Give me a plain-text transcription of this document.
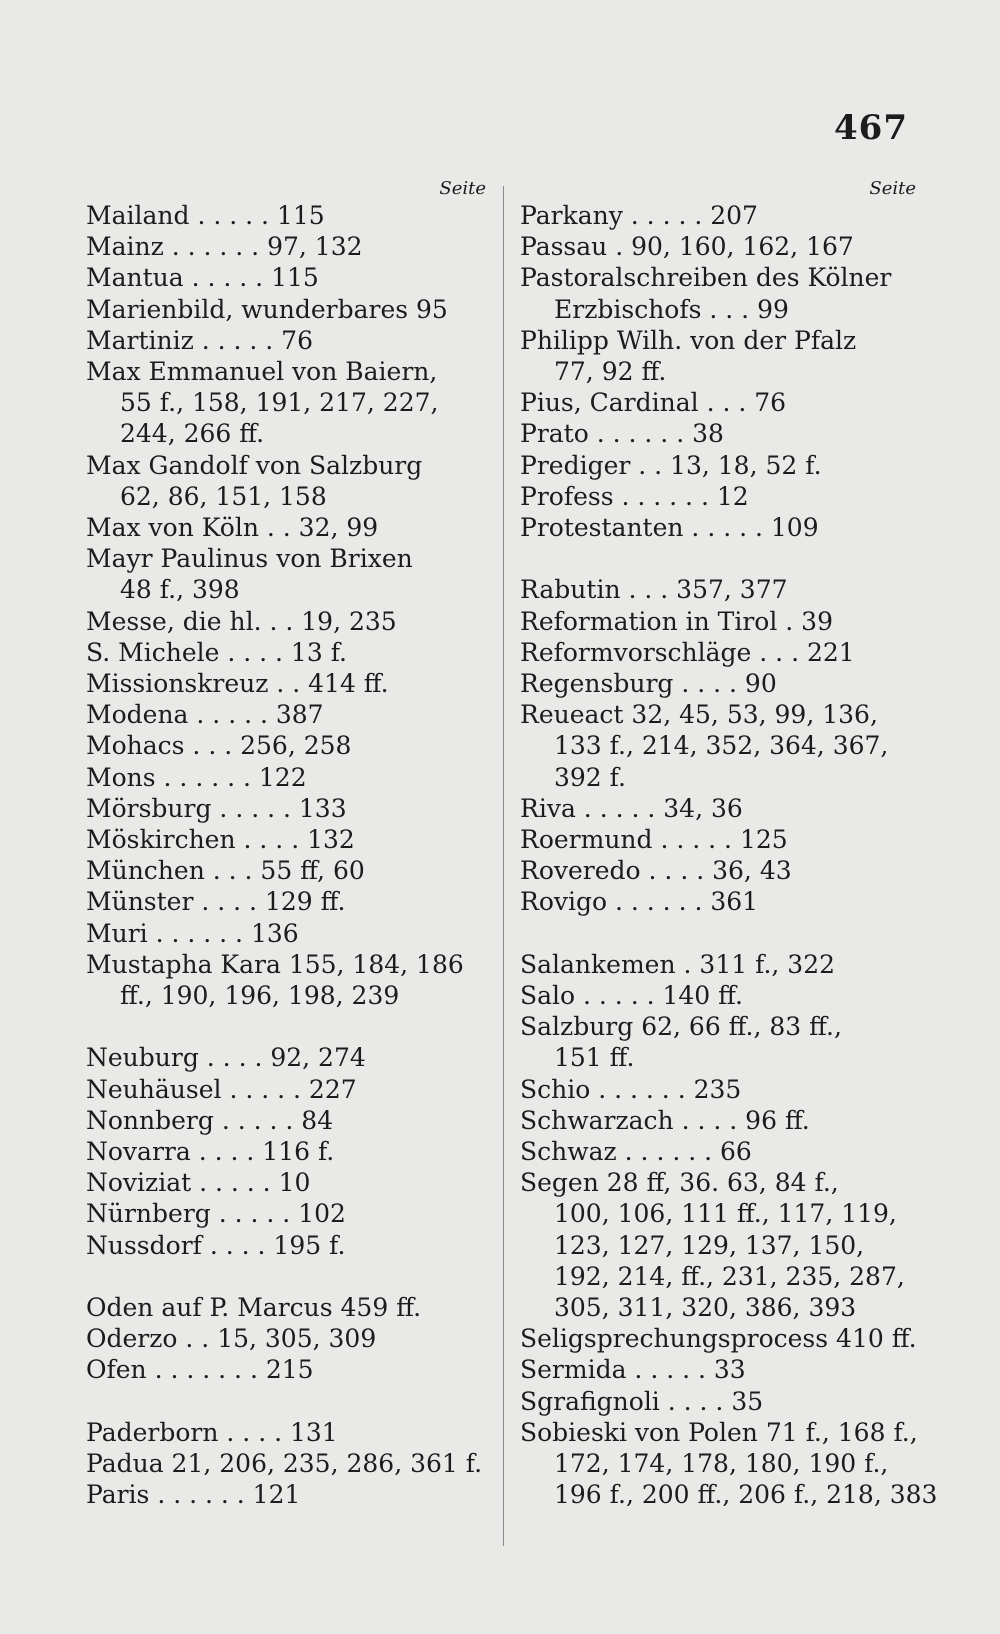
467
Seite
Mailand . . . . . 115
Mainz . . . . . . 97, 132
Mantua . . . . . 115
Marienbild, wunderbares 95
Martiniz . . . . . 76
Max Emmanuel von Baiern,
55 f., 158, 191, 217, 227,
244, 266 ff.
Max Gandolf von Salzburg
62, 86, 151, 158
Max von Köln . . 32, 99
Mayr Paulinus von Brixen
48 f., 398
Messe, die hl. . . 19, 235
S. Michele . . . . 13 f.
Missionskreuz . . 414 ff.
Modena . . . . . 387
Mohacs . . . 256, 258
Mons . . . . . . 122
Mörsburg . . . . . 133
Möskirchen . . . . 132
München . . . 55 ff, 60
Münster . . . . 129 ff.
Muri . . . . . . 136
Mustapha Kara 155, 184, 186
ff., 190, 196, 198, 239
Neuburg . . . . 92, 274
Neuhäusel . . . . . 227
Nonnberg . . . . . 84
Novarra . . . . 116 f.
Noviziat . . . . . 10
Nürnberg . . . . . 102
Nussdorf . . . . 195 f.
Oden auf P. Marcus 459 ff.
Oderzo . . 15, 305, 309
Ofen . . . . . . . 215
Paderborn . . . . 131
Padua 21, 206, 235, 286, 361 f.
Paris . . . . . . 121
Seite
Parkany . . . . . 207
Passau . 90, 160, 162, 167
Pastoralschreiben des Kölner
Erzbischofs . . . 99
Philipp Wilh. von der Pfalz
77, 92 ff.
Pius, Cardinal . . . 76
Prato . . . . . . 38
Prediger . . 13, 18, 52 f.
Profess . . . . . . 12
Protestanten . . . . . 109
Rabutin . . . 357, 377
Reformation in Tirol . 39
Reformvorschläge . . . 221
Regensburg . . . . 90
Reueact 32, 45, 53, 99, 136,
133 f., 214, 352, 364, 367,
392 f.
Riva . . . . . 34, 36
Roermund . . . . . 125
Roveredo . . . . 36, 43
Rovigo . . . . . . 361
Salankemen . 311 f., 322
Salo . . . . . 140 ff.
Salzburg 62, 66 ff., 83 ff.,
151 ff.
Schio . . . . . . 235
Schwarzach . . . . 96 ff.
Schwaz . . . . . . 66
Segen 28 ff, 36. 63, 84 f.,
100, 106, 111 ff., 117, 119,
123, 127, 129, 137, 150,
192, 214, ff., 231, 235, 287,
305, 311, 320, 386, 393
Seligsprechungsprocess 410 ff.
Sermida . . . . . 33
Sgrafignoli . . . . 35
Sobieski von Polen 71 f., 168 f.,
172, 174, 178, 180, 190 f.,
196 f., 200 ff., 206 f., 218, 383
